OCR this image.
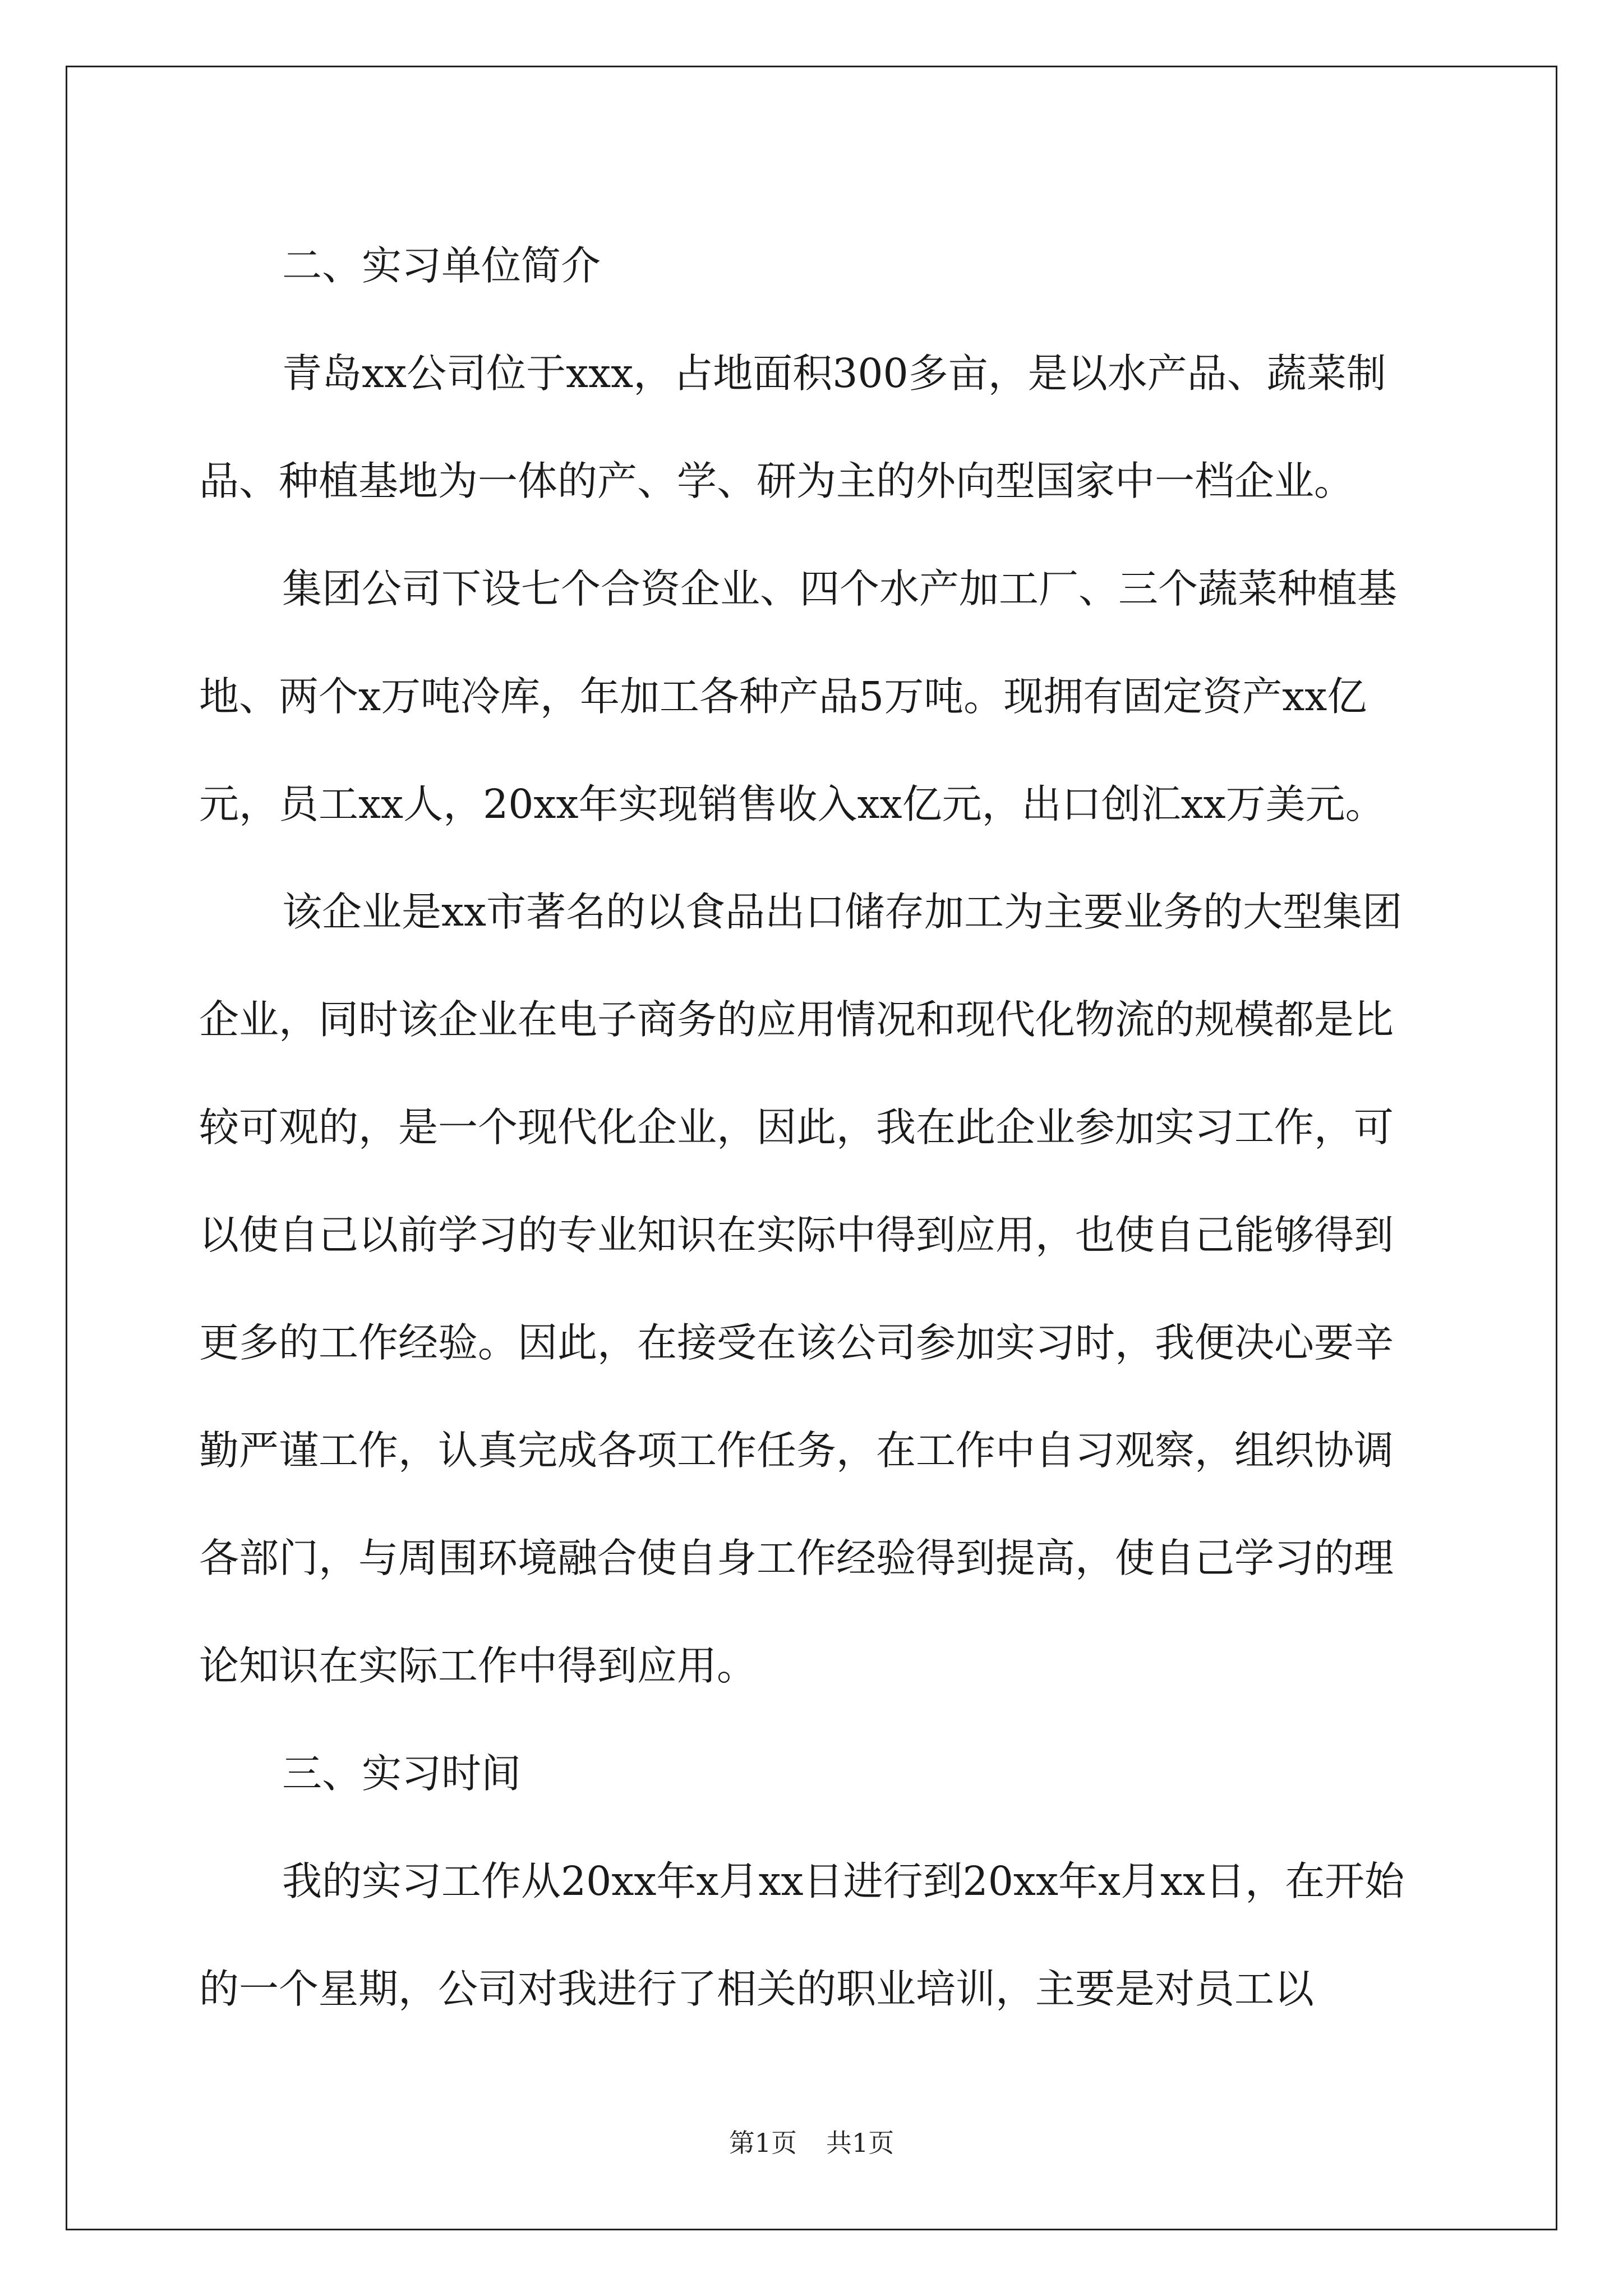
二、实习单位简介

青岛xx公司位于xxx，占地面积300多亩，是以水产品、蔬菜制品、种植基地为一体的产、学、研为主的外向型国家中一档企业。

集团公司下设七个合资企业、四个水产加工厂、三个蔬菜种植基地、两个x万吨冷库，年加工各种产品5万吨。现拥有固定资产xx亿元，员工xx人，20xx年实现销售收入xx亿元，出口创汇xx万美元。

该企业是xx市著名的以食品出口储存加工为主要业务的大型集团企业，同时该企业在电子商务的应用情况和现代化物流的规模都是比较可观的，是一个现代化企业，因此，我在此企业参加实习工作，可以使自己以前学习的专业知识在实际中得到应用，也使自己能够得到更多的工作经验。因此，在接受在该公司参加实习时，我便决心要辛勤严谨工作，认真完成各项工作任务，在工作中自习观察，组织协调各部门，与周围环境融合使自身工作经验得到提高，使自己学习的理论知识在实际工作中得到应用。

三、实习时间

我的实习工作从20xx年x月xx日进行到20xx年x月xx日，在开始的一个星期，公司对我进行了相关的职业培训，主要是对员工以

第1页 共1页
